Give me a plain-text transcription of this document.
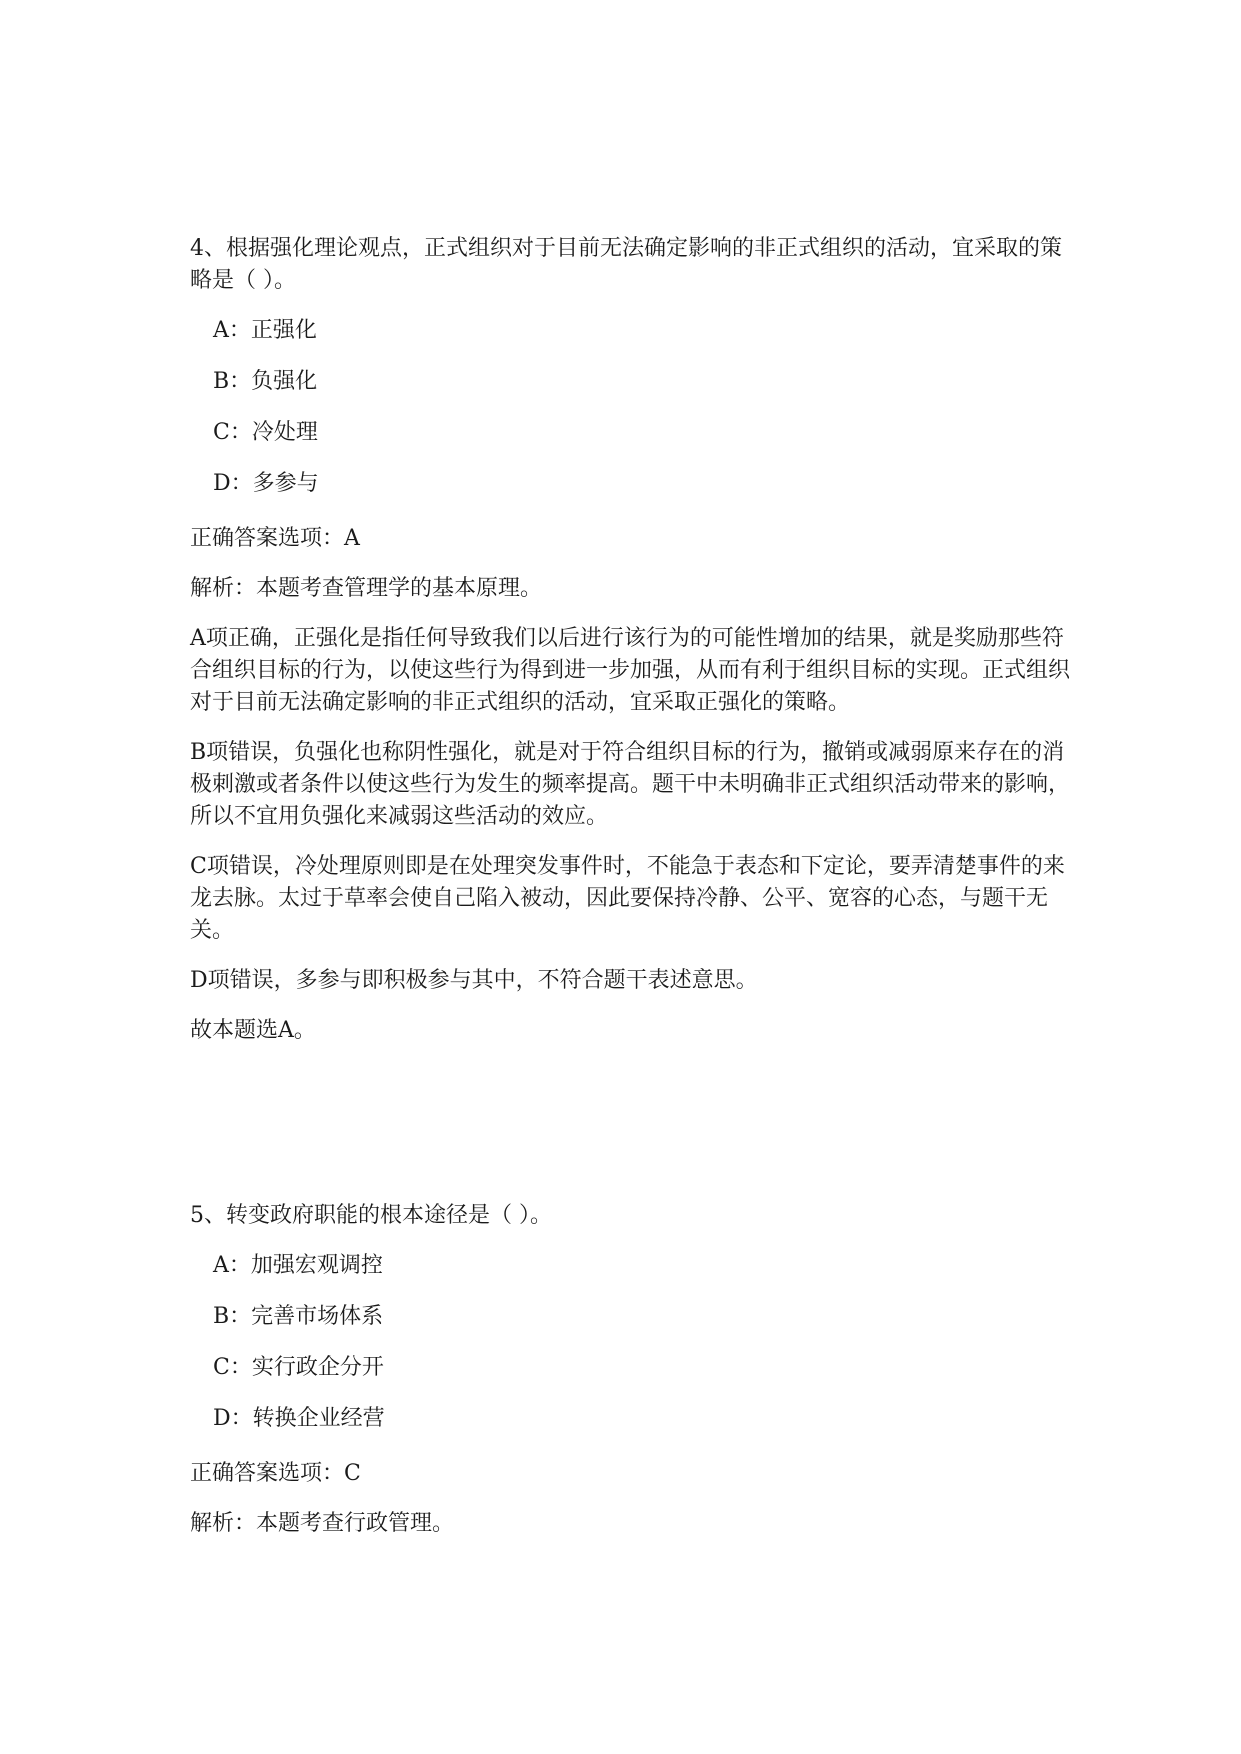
4、根据强化理论观点，正式组织对于目前无法确定影响的非正式组织的活动，宜采取的策略是（ ）。

A：正强化
B：负强化
C：冷处理
D：多参与

正确答案选项：A

解析：本题考查管理学的基本原理。

A项正确，正强化是指任何导致我们以后进行该行为的可能性增加的结果，就是奖励那些符合组织目标的行为，以使这些行为得到进一步加强，从而有利于组织目标的实现。正式组织对于目前无法确定影响的非正式组织的活动，宜采取正强化的策略。

B项错误，负强化也称阴性强化，就是对于符合组织目标的行为，撤销或减弱原来存在的消极刺激或者条件以使这些行为发生的频率提高。题干中未明确非正式组织活动带来的影响，所以不宜用负强化来减弱这些活动的效应。

C项错误，冷处理原则即是在处理突发事件时，不能急于表态和下定论，要弄清楚事件的来龙去脉。太过于草率会使自己陷入被动，因此要保持冷静、公平、宽容的心态，与题干无关。

D项错误，多参与即积极参与其中，不符合题干表述意思。

故本题选A。

5、转变政府职能的根本途径是（ ）。

A：加强宏观调控
B：完善市场体系
C：实行政企分开
D：转换企业经营

正确答案选项：C

解析：本题考查行政管理。
